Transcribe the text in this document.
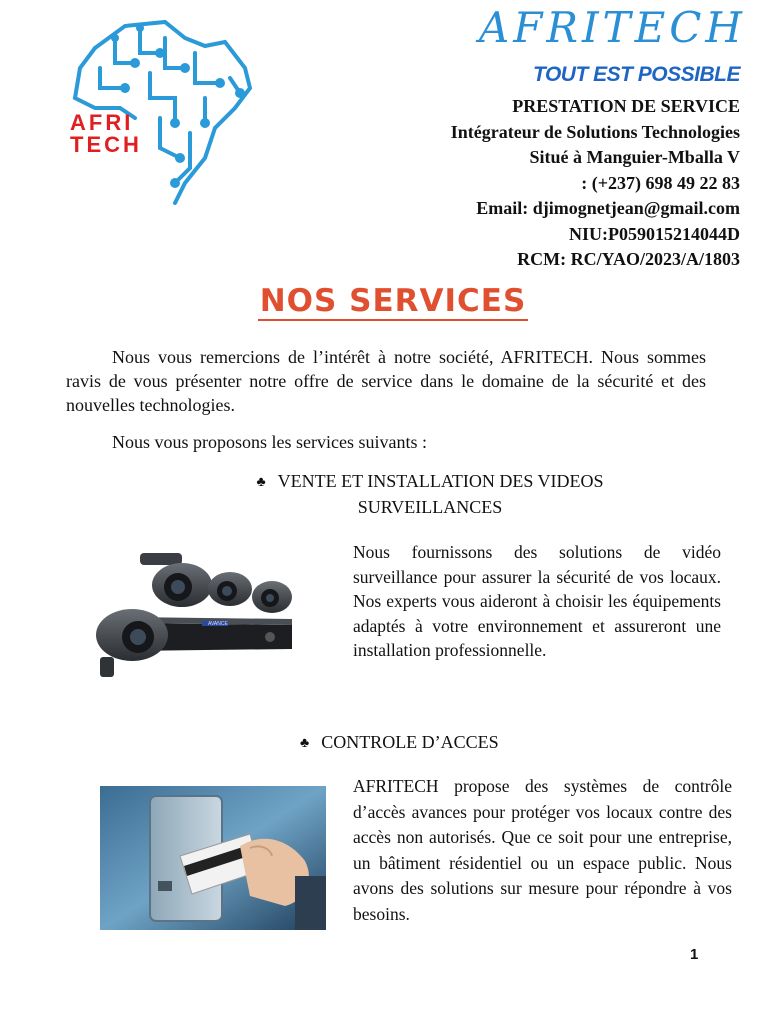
AFRI
TECH
AFRITECH
TOUT EST POSSIBLE
PRESTATION DE SERVICE
Intégrateur de Solutions Technologies
Situé à Manguier-Mballa V
: (+237) 698 49 22 83
Email: djimognetjean@gmail.com
NIU:P059015214044D
RCM: RC/YAO/2023/A/1803
NOS SERVICES
Nous vous remercions de l’intérêt à notre société, AFRITECH. Nous sommes ravis de vous présenter notre offre de service dans le domaine de la sécurité et des nouvelles technologies.
Nous vous proposons les services suivants :
♣ VENTE ET INSTALLATION DES VIDEOS
SURVEILLANCES
AVANCE
Nous fournissons des solutions de vidéo surveillance pour assurer la sécurité de vos locaux. Nos experts vous aideront à choisir les équipements adaptés à votre environnement et assureront une installation professionnelle.
♣ CONTROLE D’ACCES
AFRITECH propose des systèmes de contrôle d’accès avances pour protéger vos locaux contre des accès non autorisés. Que ce soit pour une entreprise, un bâtiment résidentiel ou un espace public. Nous avons des solutions sur mesure pour répondre à vos besoins.
1
